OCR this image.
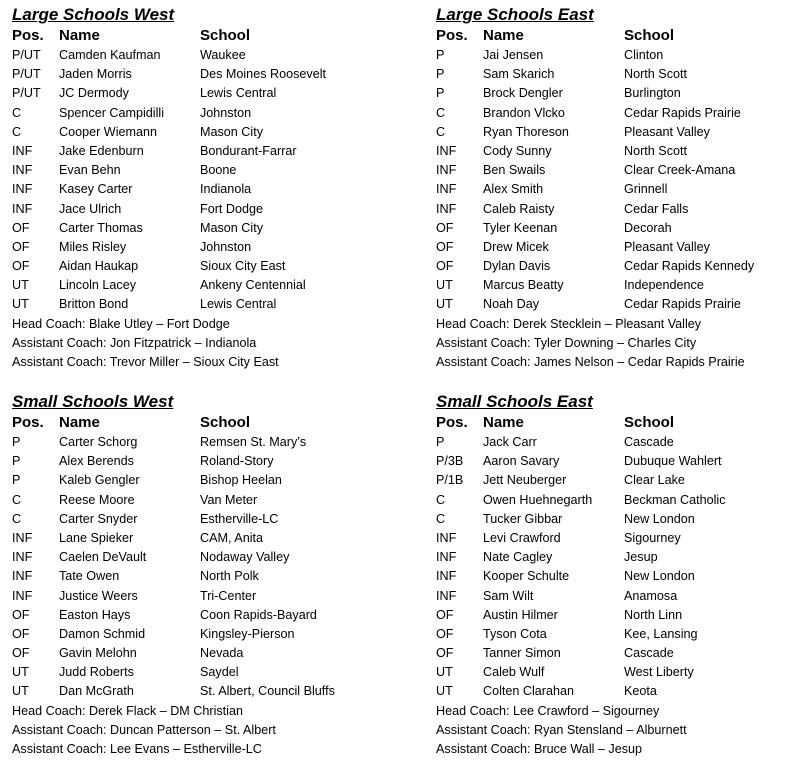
Large Schools West
Pos. Name	School
P/UT Camden Kaufman	Waukee
P/UT Jaden Morris	Des Moines Roosevelt
P/UT JC Dermody	Lewis Central
C	Spencer Campidilli	Johnston
C	Cooper Wiemann	Mason City
INF Jake Edenburn	Bondurant-Farrar
INF Evan Behn	Boone
INF Kasey Carter	Indianola
INF Jace Ulrich	Fort Dodge
OF Carter Thomas	Mason City
OF Miles Risley	Johnston
OF Aidan Haukap	Sioux City East
UT Lincoln Lacey	Ankeny Centennial
UT Britton Bond	Lewis Central
Head Coach: Blake Utley – Fort Dodge
Assistant Coach: Jon Fitzpatrick – Indianola
Assistant Coach: Trevor Miller – Sioux City East
Large Schools East
Pos. Name	School
P	Jai Jensen	Clinton
P	Sam Skarich	North Scott
P	Brock Dengler	Burlington
C	Brandon Vlcko	Cedar Rapids Prairie
C	Ryan Thoreson	Pleasant Valley
INF Cody Sunny	North Scott
INF Ben Swails	Clear Creek-Amana
INF Alex Smith	Grinnell
INF Caleb Raisty	Cedar Falls
OF Tyler Keenan	Decorah
OF Drew Micek	Pleasant Valley
OF Dylan Davis	Cedar Rapids Kennedy
UT Marcus Beatty	Independence
UT Noah Day	Cedar Rapids Prairie
Head Coach: Derek Stecklein – Pleasant Valley
Assistant Coach: Tyler Downing – Charles City
Assistant Coach: James Nelson – Cedar Rapids Prairie
Small Schools West
Pos. Name	School
P	Carter Schorg	Remsen St. Mary’s
P	Alex Berends	Roland-Story
P	Kaleb Gengler	Bishop Heelan
C	Reese Moore	Van Meter
C	Carter Snyder	Estherville-LC
INF Lane Spieker	CAM, Anita
INF Caelen DeVault	Nodaway Valley
INF Tate Owen	North Polk
INF Justice Weers	Tri-Center
OF Easton Hays	Coon Rapids-Bayard
OF Damon Schmid	Kingsley-Pierson
OF Gavin Melohn	Nevada
UT Judd Roberts	Saydel
UT Dan McGrath	St. Albert, Council Bluffs
Head Coach: Derek Flack – DM Christian
Assistant Coach: Duncan Patterson – St. Albert
Assistant Coach: Lee Evans – Estherville-LC
Small Schools East
Pos. Name	School
P	Jack Carr	Cascade
P/3B Aaron Savary	Dubuque Wahlert
P/1B Jett Neuberger	Clear Lake
C	Owen Huehnegarth	Beckman Catholic
C	Tucker Gibbar	New London
INF Levi Crawford	Sigourney
INF Nate Cagley	Jesup
INF Kooper Schulte	New London
INF Sam Wilt	Anamosa
OF Austin Hilmer	North Linn
OF Tyson Cota	Kee, Lansing
OF Tanner Simon	Cascade
UT Caleb Wulf	West Liberty
UT Colten Clarahan	Keota
Head Coach: Lee Crawford – Sigourney
Assistant Coach: Ryan Stensland – Alburnett
Assistant Coach: Bruce Wall – Jesup
